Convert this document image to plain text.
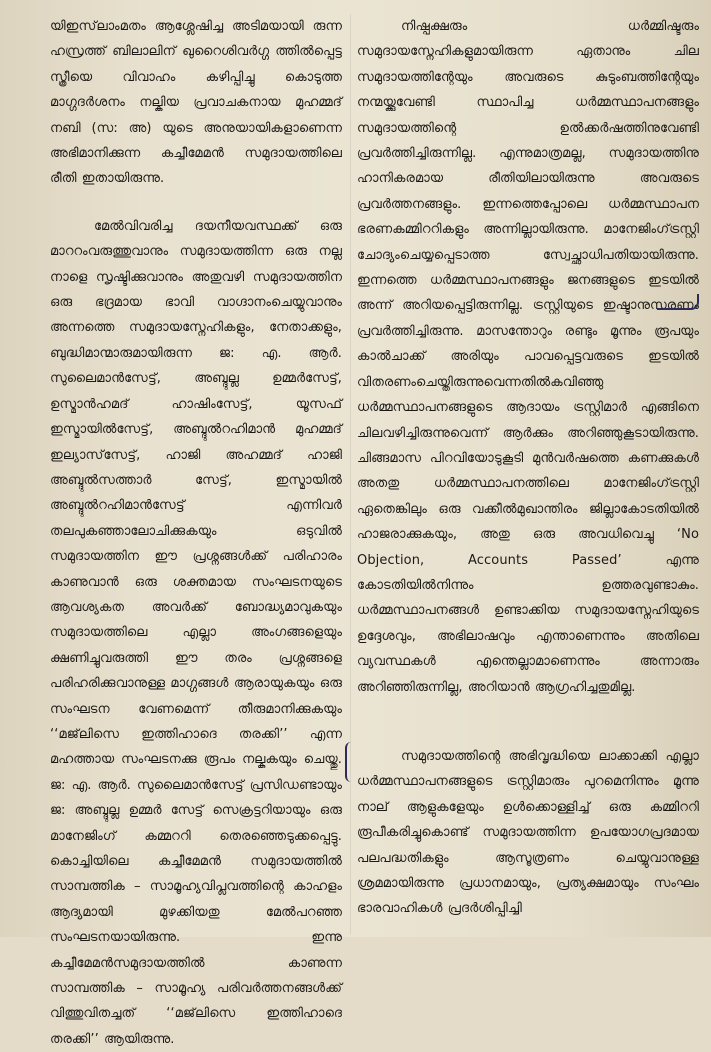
യിഇസ്‌ലാംമതം ആശ്ലേഷിച്ച അടിമയായി രുന്ന ഹസ്രത്ത് ബിലാലിന് ഖുറൈശിവർഗ്ഗ ത്തിൽപ്പെട്ട സ്ത്രീയെ വിവാഹം കഴിപ്പിച്ചു കൊടുത്ത മാഗ്ഗദർശനം നല്കിയ പ്രവാചകനായ മുഹമ്മദ് നബി (സ: അ) യുടെ അനുയായികളാണെന്ന അഭിമാനിക്കുന്ന കച്ചീമേമൻ സമുദായത്തിലെ രീതി ഇതായിരുന്നു.

മേൽവിവരിച്ച ദയനീയവസ്ഥക്ക് ഒരു മാററംവരുത്തുവാനും സമുദായത്തിന്ന ഒരു നല്ല നാളെ സൃഷ്ടിക്കുവാനും അതുവഴി സമുദായത്തിന ഒരു ഭദ്രമായ ഭാവി വാഗ്ദാനംചെയ്യുവാനും അന്നത്തെ സമുദായസ്നേഹികളും, നേതാക്കളും, ബുദ്ധിമാന്മാരുമായിരുന്ന ജ: എ. ആർ. സുലൈമാൻസേട്ട്, അബ്ദുല്ല ഉമ്മർസേട്ട്, ഉസ്മാൻഹമദ് ഹാഷിംസേട്ട്, യൂസഫ് ഇസ്മായിൽസേട്ട്, അബ്ദുൽറഹിമാൻ മുഹമ്മദ് ഇല്യാസ്‌സേട്ട്, ഹാജി അഹമ്മദ് ഹാജി അബ്ദുൽസത്താർ സേട്ട്, ഇസ്മായിൽ അബ്ദുൽറഹിമാൻസേട്ട് എന്നിവർ തലപുകഞ്ഞാലോചിക്കുകയും ഒടുവിൽ സമുദായത്തിന ഈ പ്രശ്നങ്ങൾക്ക് പരിഹാരം കാണുവാൻ ഒരു ശക്തമായ സംഘടനയുടെ ആവശ്യകത അവർക്ക് ബോദ്ധ്യമാവുകയും സമുദായത്തിലെ എല്ലാ അംഗങ്ങളെയും ക്ഷണിച്ചുവരുത്തി ഈ തരം പ്രശ്നങ്ങളെ പരിഹരിക്കുവാനുള്ള മാഗ്ഗങ്ങൾ ആരായുകയും ഒരു സംഘടന വേണമെന്ന് തീരുമാനിക്കുകയും ‘‘മജ്‌ലിസെ ഇത്തിഹാദെ തരക്കി’’ എന്ന മഹത്തായ സംഘടനക്കു രൂപം നല്കുകയും ചെയ്തു. ജ: എ. ആർ. സുലൈമാൻസേട്ട് പ്രസിഡണ്ടായും ജ: അബ്ദുല്ല ഉമ്മർ സേട്ട് സെക്രട്ടറിയായും ഒരു മാനേജിംഗ് കമ്മററി തെരഞ്ഞെടുക്കപ്പെട്ടു. കൊച്ചിയിലെ കച്ചീമേമൻ സമുദായത്തിൽ സാമ്പത്തിക – സാമൂഹ്യവിപ്ലവത്തിന്റെ കാഹളം ആദ്യമായി മുഴക്കിയതു മേൽപറഞ്ഞ സംഘടനയായിരുന്നു. ഇന്നു കച്ചീമേമൻസമുദായത്തിൽ കാണുന്ന സാമ്പത്തിക – സാമൂഹ്യ പരിവർത്തനങ്ങൾക്ക് വിത്തുവിതച്ചത് ‘‘മജ്‌ലിസെ ഇത്തിഹാദെ തരക്കി’’ ആയിരുന്നു.

നിഷ്പക്ഷരും ധർമ്മിഷ്ടരും സമുദായസ്നേഹികളുമായിരുന്ന ഏതാനും ചില സമുദായത്തിന്റേയും അവരുടെ കുടുംബത്തിന്റേയും നന്മയ്ക്കുവേണ്ടി സ്ഥാപിച്ച ധർമ്മസ്ഥാപനങ്ങളും സമുദായത്തിന്റെ ഉൽക്കർഷത്തിനുവേണ്ടി പ്രവർത്തിച്ചിരുന്നില്ല. എന്നുമാത്രമല്ല, സമുദായത്തിനു ഹാനികരമായ രീതിയിലായിരുന്നു അവരുടെ പ്രവർത്തനങ്ങളും. ഇന്നത്തെപ്പോലെ ധർമ്മസ്ഥാപന ഭരണകമ്മിററികളും അന്നില്ലായിരുന്നു. മാനേജിംഗ്‌ട്രസ്റ്റി ചോദ്യംചെയ്യപ്പെടാത്ത സ്വേച്ഛാധിപതിയായിരുന്നു. ഇന്നത്തെ ധർമ്മസ്ഥാപനങ്ങളും ജനങ്ങളുടെ ഇടയിൽ അന്ന് അറിയപ്പെട്ടിരുന്നില്ല. ട്രസ്റ്റിയുടെ ഇഷ്ടാനുസരണം പ്രവർത്തിച്ചിരുന്നു. മാസന്തോറും രണ്ടും മൂന്നും രൂപയും കാൽചാക്ക് അരിയും പാവപ്പെട്ടവരുടെ ഇടയിൽ വിതരണംചെയ്തിരുന്നുവെന്നതിൽകവിഞ്ഞു ധർമ്മസ്ഥാപനങ്ങളുടെ ആദായം ട്രസ്റ്റിമാർ എങ്ങിനെ ചിലവഴിച്ചിരുന്നുവെന്ന് ആർക്കും അറിഞ്ഞുകൂടായിരുന്നു. ചിങ്ങമാസ പിറവിയോടുകൂടി മുൻവർഷത്തെ കണക്കുകൾ അതതു ധർമ്മസ്ഥാപനത്തിലെ മാനേജിംഗ്‌ട്രസ്റ്റി ഏതെങ്കിലും ഒരു വക്കീൽമുഖാന്തിരം ജില്ലാകോടതിയിൽ ഹാജരാക്കുകയും, അതു ഒരു അവധിവെച്ചു ‘No Objection, Accounts Passed’ എന്നു കോടതിയിൽനിന്നും ഉത്തരവുണ്ടാകും. ധർമ്മസ്ഥാപനങ്ങൾ ഉണ്ടാക്കിയ സമുദായസ്നേഹിയുടെ ഉദ്ദേശവും, അഭിലാഷവും എന്താണെന്നും അതിലെ വ്യവസ്ഥകൾ എന്തെല്ലാമാണെന്നും അന്നാരും അറിഞ്ഞിരുന്നില്ല, അറിയാൻ ആഗ്രഹിച്ചതുമില്ല.

സമുദായത്തിന്റെ അഭിവൃദ്ധിയെ ലാക്കാക്കി എല്ലാ ധർമ്മസ്ഥാപനങ്ങളുടെ ട്രസ്റ്റിമാരും പുറമെനിന്നും മൂന്നു നാല് ആളുകളേയും ഉൾക്കൊള്ളിച്ച് ഒരു കമ്മിററി രൂപീകരിച്ചുകൊണ്ട് സമുദായത്തിന്ന ഉപയോഗപ്രദമായ പലപദ്ധതികളും ആസൂത്രണം ചെയ്യുവാനുള്ള ശ്രമമായിരുന്നു പ്രധാനമായും, പ്രത്യക്ഷമായും സംഘം ഭാരവാഹികൾ പ്രദർശിപ്പിച്ചി
